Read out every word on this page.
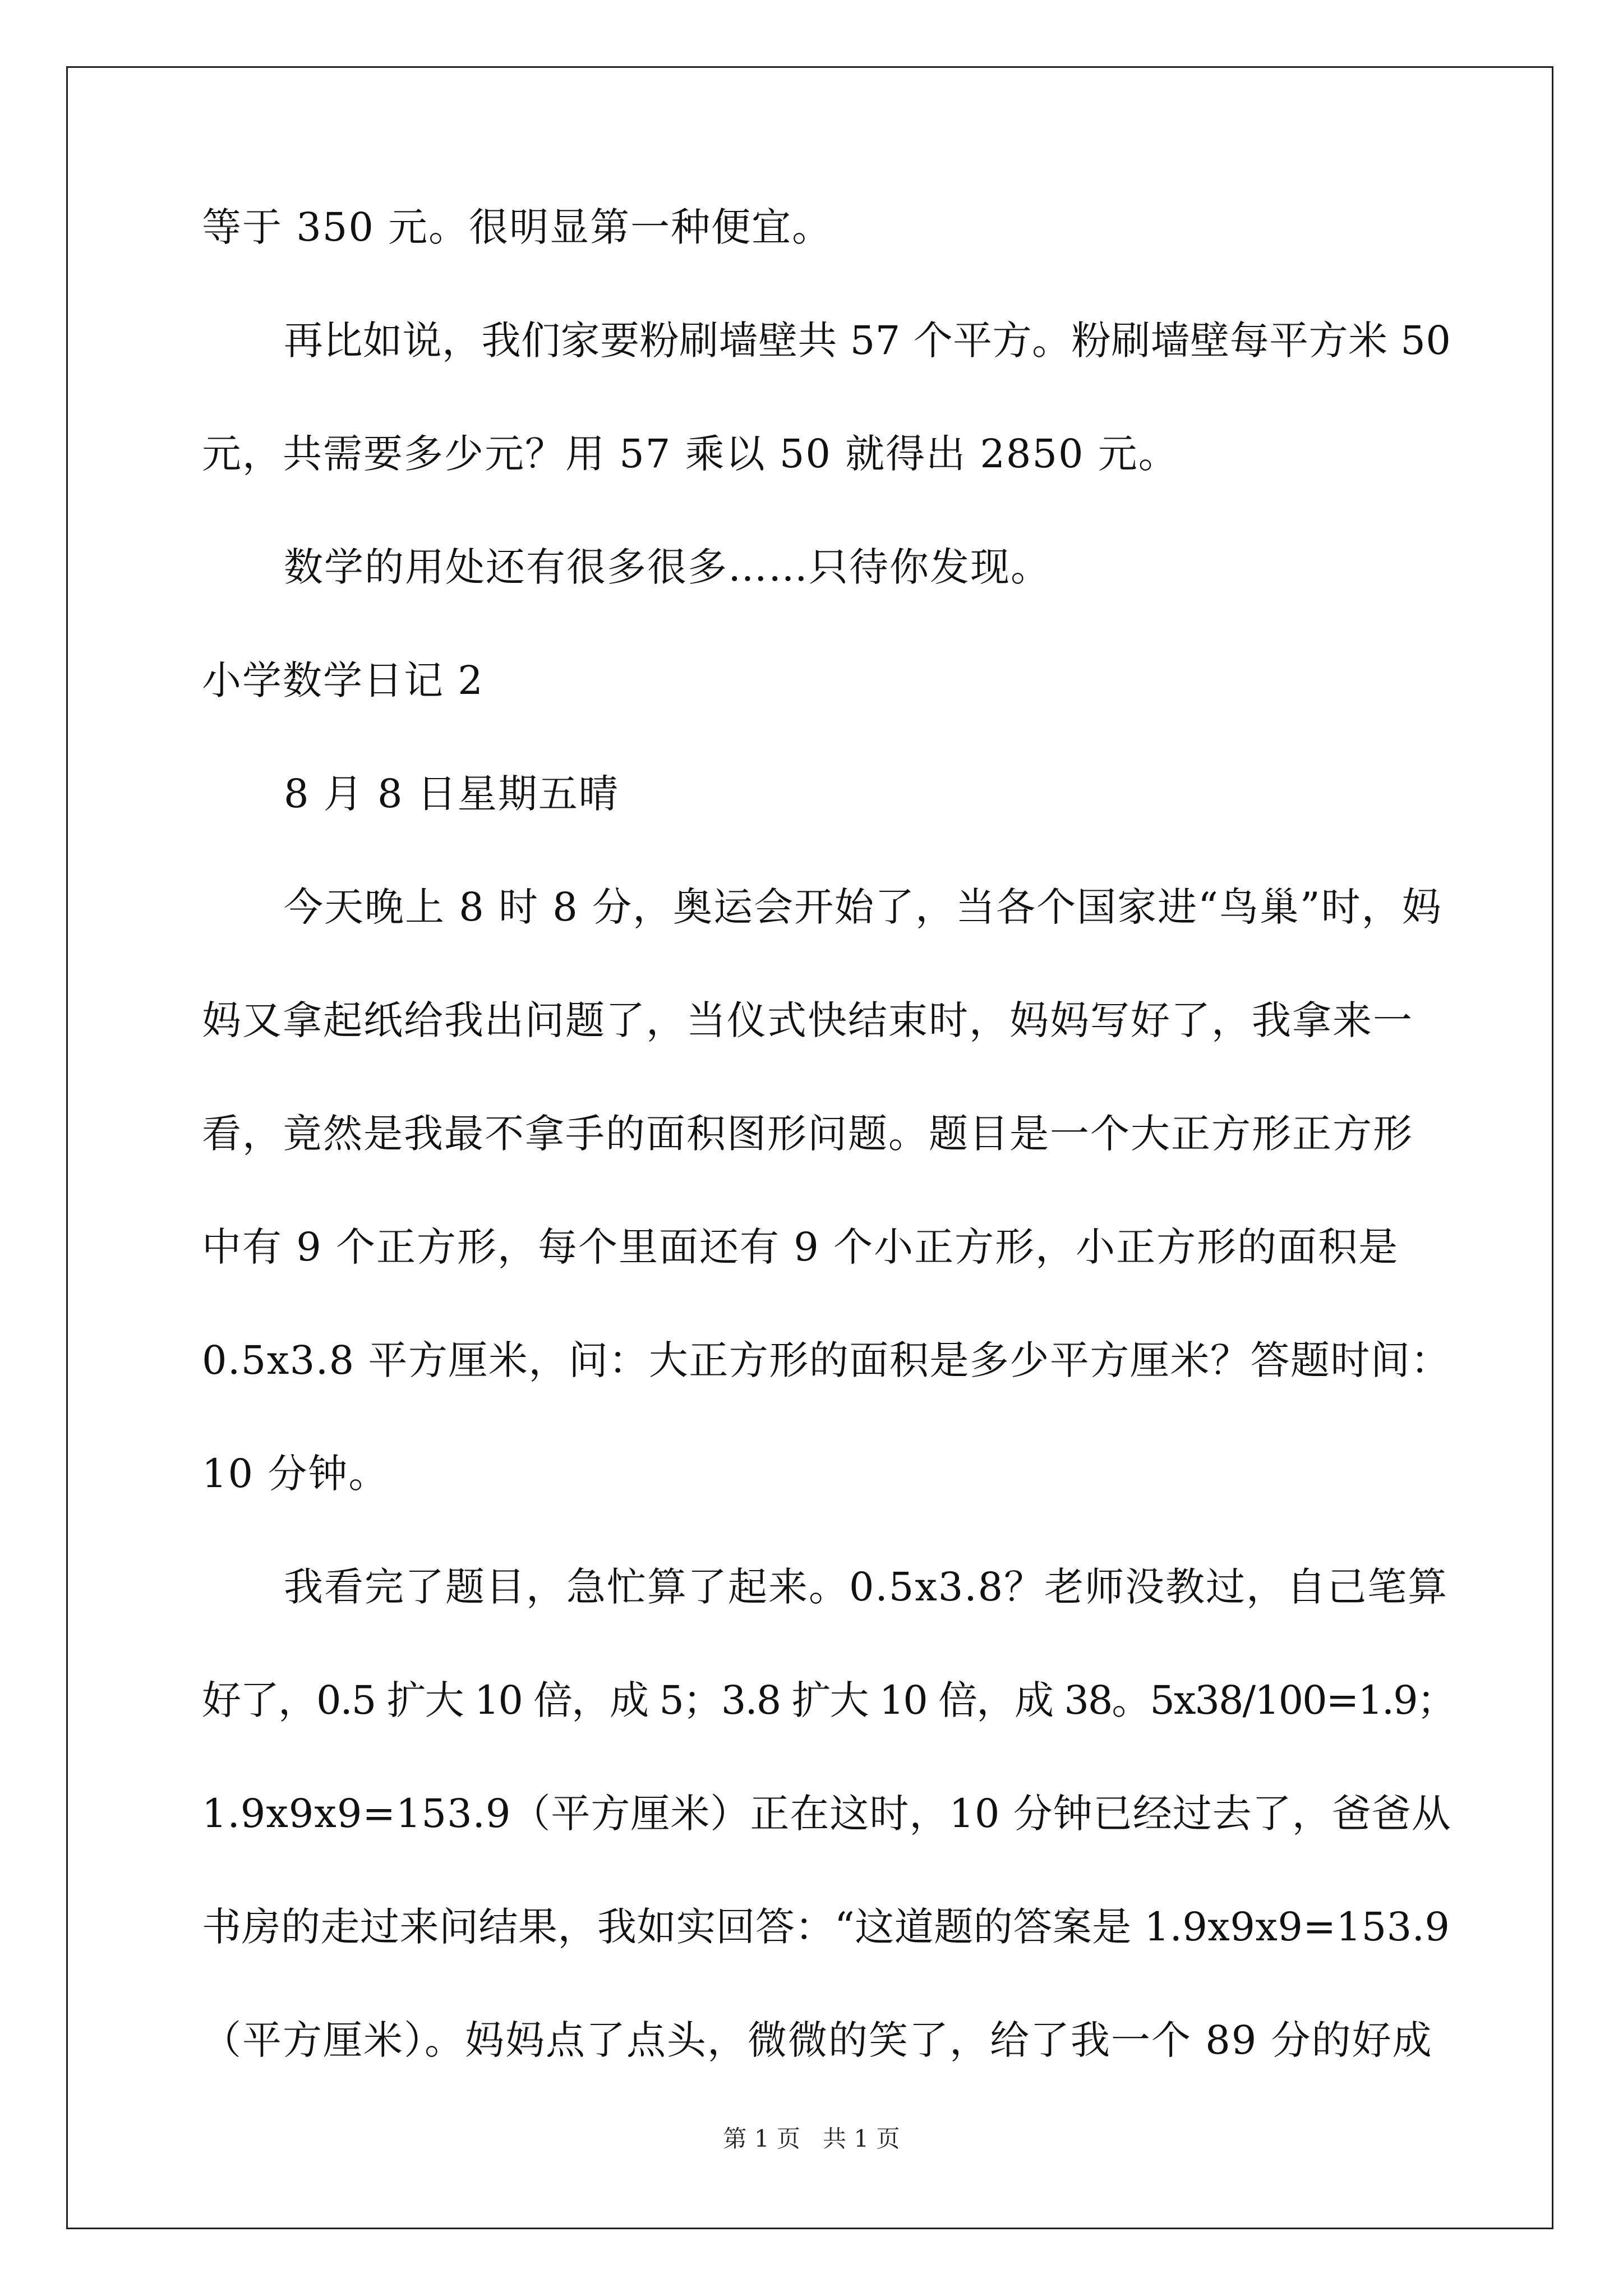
等于 350 元。很明显第一种便宜。
再比如说，我们家要粉刷墙壁共 57 个平方。粉刷墙壁每平方米 50
元，共需要多少元？用 57 乘以 50 就得出 2850 元。
数学的用处还有很多很多……只待你发现。
小学数学日记 2
8 月 8 日星期五晴
今天晚上 8 时 8 分，奥运会开始了，当各个国家进“鸟巢”时，妈
妈又拿起纸给我出问题了，当仪式快结束时，妈妈写好了，我拿来一
看，竟然是我最不拿手的面积图形问题。题目是一个大正方形正方形
中有 9 个正方形，每个里面还有 9 个小正方形，小正方形的面积是
0.5x3.8 平方厘米，问：大正方形的面积是多少平方厘米？答题时间：
10 分钟。
我看完了题目，急忙算了起来。0.5x3.8？老师没教过，自己笔算
好了，0.5 扩大 10 倍，成 5；3.8 扩大 10 倍，成 38。5x38/100=1.9；
1.9x9x9=153.9（平方厘米）正在这时，10 分钟已经过去了，爸爸从
书房的走过来问结果，我如实回答：“这道题的答案是 1.9x9x9=153.9
（平方厘米）。妈妈点了点头，微微的笑了，给了我一个 89 分的好成
第 1 页   共 1 页
